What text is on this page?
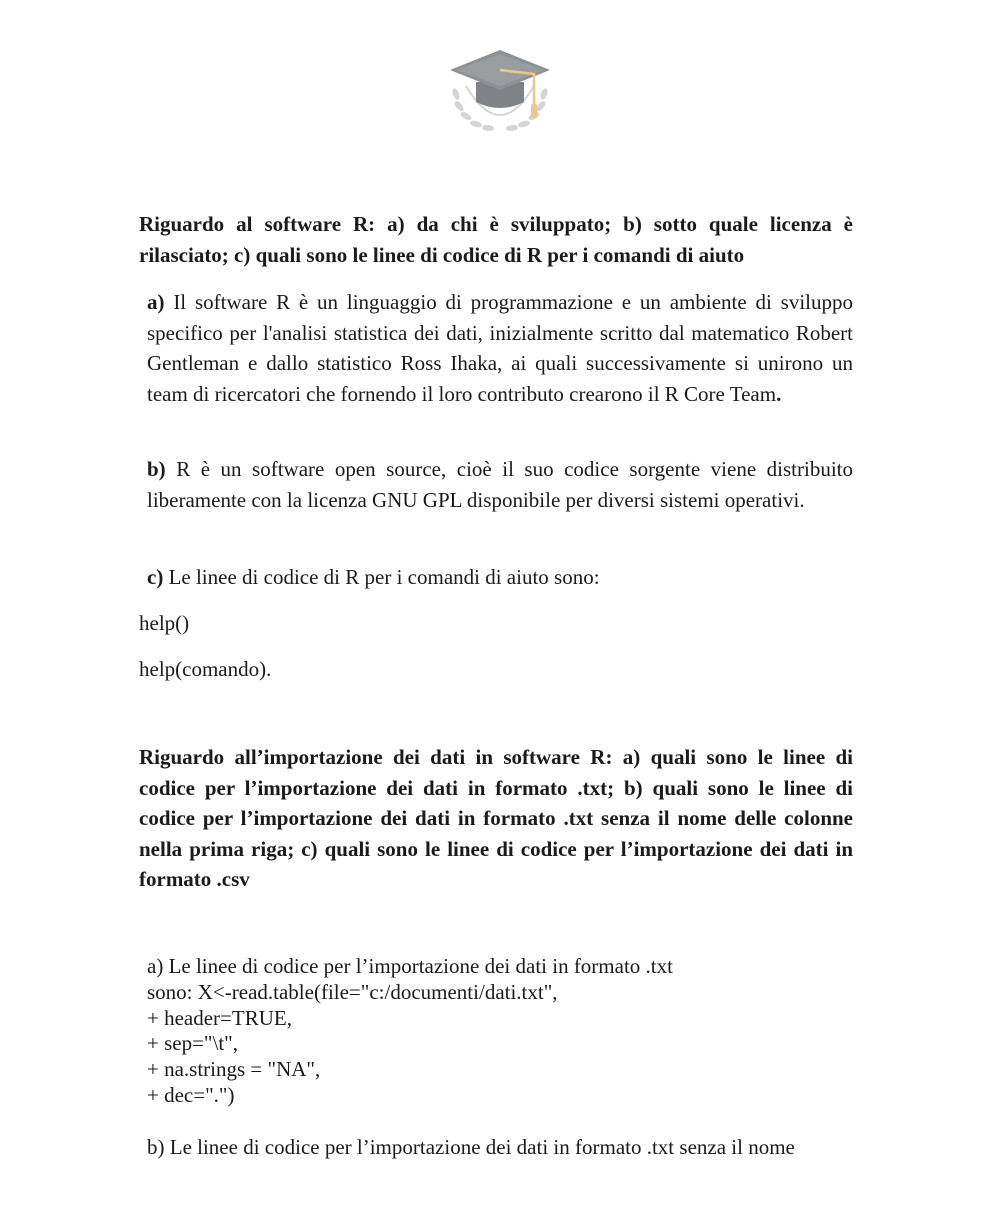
Riguardo al software R: a) da chi è sviluppato; b) sotto quale licenza è rilasciato; c) quali sono le linee di codice di R per i comandi di aiuto

a) Il software R è un linguaggio di programmazione e un ambiente di sviluppo specifico per l'analisi statistica dei dati, inizialmente scritto dal matematico Robert Gentleman e dallo statistico Ross Ihaka, ai quali successivamente si unirono un team di ricercatori che fornendo il loro contributo crearono il R Core Team.

b) R è un software open source, cioè il suo codice sorgente viene distribuito liberamente con la licenza GNU GPL disponibile per diversi sistemi operativi.

c) Le linee di codice di R per i comandi di aiuto sono:

help()

help(comando).

Riguardo all’importazione dei dati in software R: a) quali sono le linee di codice per l’importazione dei dati in formato .txt; b) quali sono le linee di codice per l’importazione dei dati in formato .txt senza il nome delle colonne nella prima riga; c) quali sono le linee di codice per l’importazione dei dati in formato .csv

a) Le linee di codice per l’importazione dei dati in formato .txt
sono: X<-read.table(file="c:/documenti/dati.txt",
+ header=TRUE,
+ sep="\t",
+ na.strings = "NA",
+ dec=".")

b) Le linee di codice per l’importazione dei dati in formato .txt senza il nome
